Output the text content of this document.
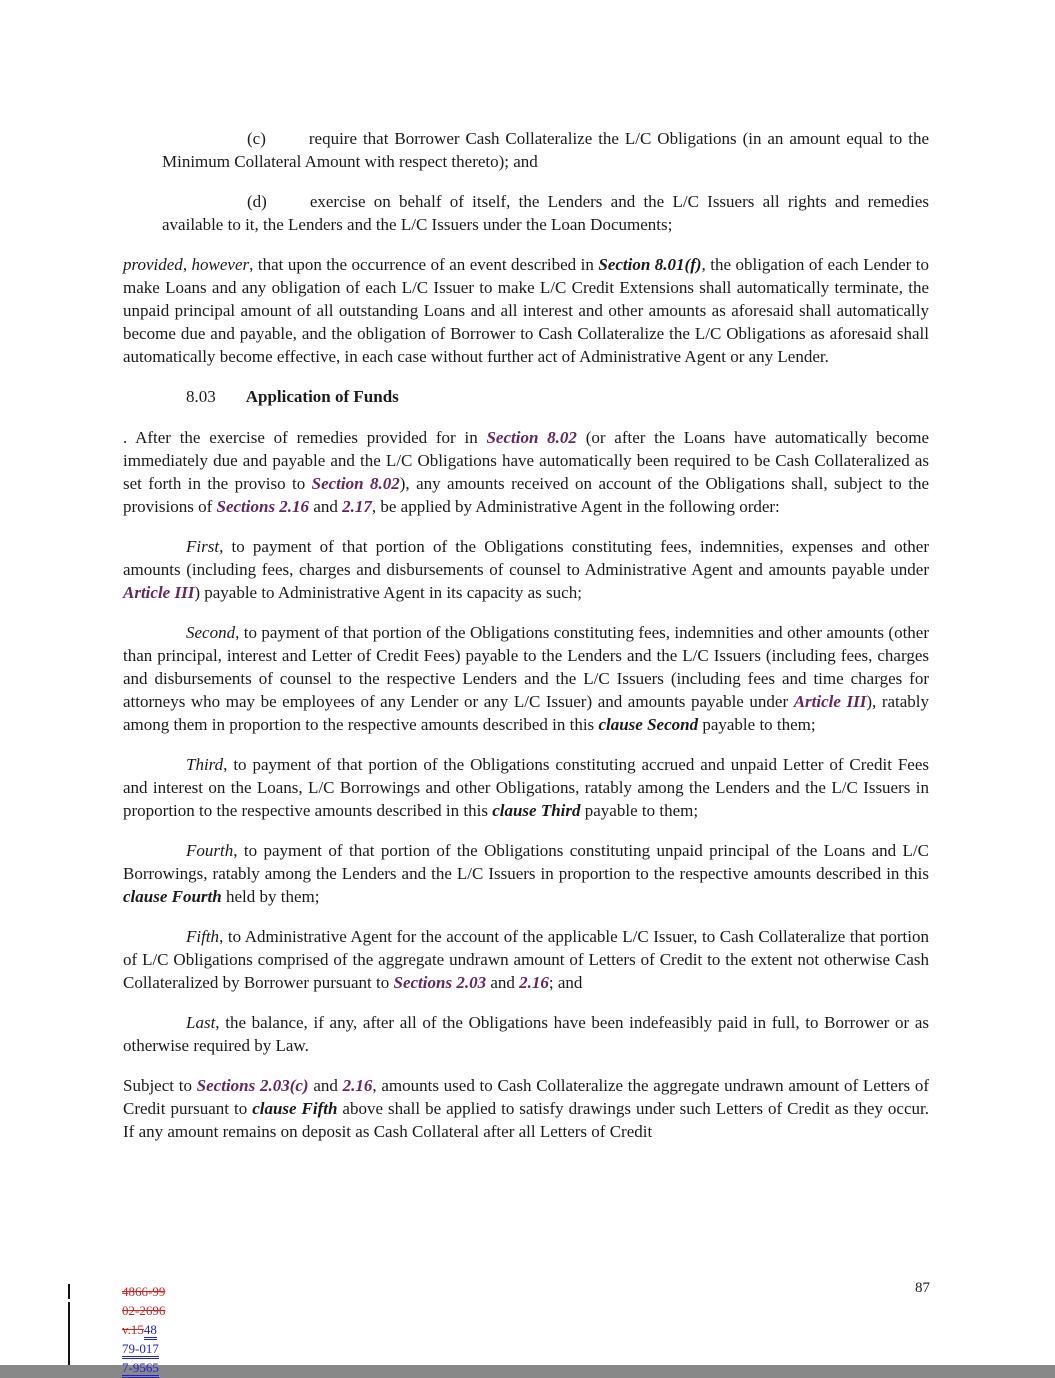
(c)	require that Borrower Cash Collateralize the L/C Obligations (in an amount equal to the Minimum Collateral Amount with respect thereto); and

(d)	exercise on behalf of itself, the Lenders and the L/C Issuers all rights and remedies available to it, the Lenders and the L/C Issuers under the Loan Documents;

provided, however, that upon the occurrence of an event described in Section 8.01(f), the obligation of each Lender to make Loans and any obligation of each L/C Issuer to make L/C Credit Extensions shall automatically terminate, the unpaid principal amount of all outstanding Loans and all interest and other amounts as aforesaid shall automatically become due and payable, and the obligation of Borrower to Cash Collateralize the L/C Obligations as aforesaid shall automatically become effective, in each case without further act of Administrative Agent or any Lender.

8.03 Application of Funds

. After the exercise of remedies provided for in Section 8.02 (or after the Loans have automatically become immediately due and payable and the L/C Obligations have automatically been required to be Cash Collateralized as set forth in the proviso to Section 8.02), any amounts received on account of the Obligations shall, subject to the provisions of Sections 2.16 and 2.17, be applied by Administrative Agent in the following order:

First, to payment of that portion of the Obligations constituting fees, indemnities, expenses and other amounts (including fees, charges and disbursements of counsel to Administrative Agent and amounts payable under Article III) payable to Administrative Agent in its capacity as such;

Second, to payment of that portion of the Obligations constituting fees, indemnities and other amounts (other than principal, interest and Letter of Credit Fees) payable to the Lenders and the L/C Issuers (including fees, charges and disbursements of counsel to the respective Lenders and the L/C Issuers (including fees and time charges for attorneys who may be employees of any Lender or any L/C Issuer) and amounts payable under Article III), ratably among them in proportion to the respective amounts described in this clause Second payable to them;

Third, to payment of that portion of the Obligations constituting accrued and unpaid Letter of Credit Fees and interest on the Loans, L/C Borrowings and other Obligations, ratably among the Lenders and the L/C Issuers in proportion to the respective amounts described in this clause Third payable to them;

Fourth, to payment of that portion of the Obligations constituting unpaid principal of the Loans and L/C Borrowings, ratably among the Lenders and the L/C Issuers in proportion to the respective amounts described in this clause Fourth held by them;

Fifth, to Administrative Agent for the account of the applicable L/C Issuer, to Cash Collateralize that portion of L/C Obligations comprised of the aggregate undrawn amount of Letters of Credit to the extent not otherwise Cash Collateralized by Borrower pursuant to Sections 2.03 and 2.16; and

Last, the balance, if any, after all of the Obligations have been indefeasibly paid in full, to Borrower or as otherwise required by Law.

Subject to Sections 2.03(c) and 2.16, amounts used to Cash Collateralize the aggregate undrawn amount of Letters of Credit pursuant to clause Fifth above shall be applied to satisfy drawings under such Letters of Credit as they occur. If any amount remains on deposit as Cash Collateral after all Letters of Credit

4866-99
02-2696
v.1548
79-017
7-9565
87
